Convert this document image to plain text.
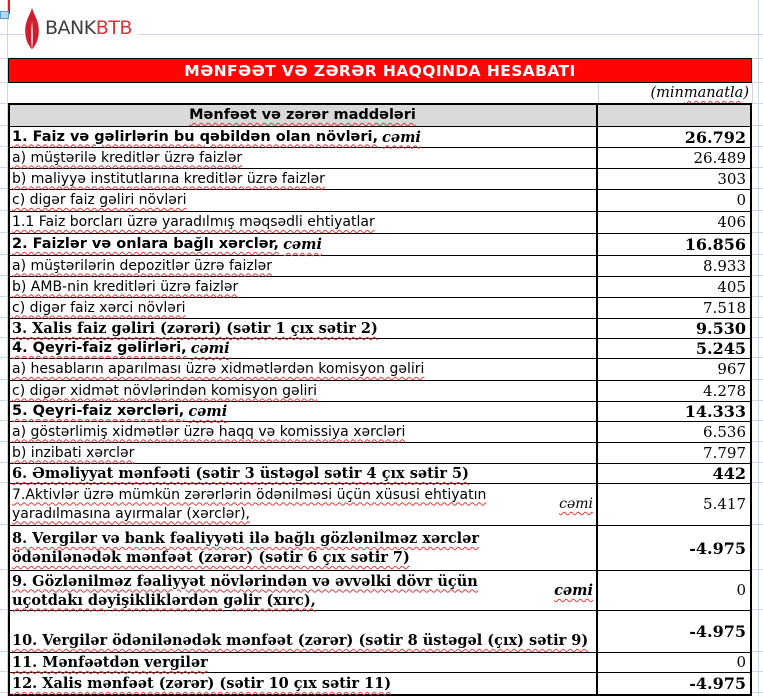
BANKBTB
MƏNFƏƏT VƏ ZƏRƏR HAQQINDA HESABATI
(min manatla )
Mənfəət və zərər maddələri
1. Faiz və gəlirlərin bu qəbildən olan növləri, cəmi	26.792
a) müştərilə kreditlər üzrə faizlər	26.489
b) maliyyə institutlarına kreditlər üzrə faizlər	303
c) digər faiz gəliri növləri	0
1.1 Faiz borcları üzrə yaradılmış məqsədli ehtiyatlar	406
2. Faizlər və onlara bağlı xərclər, cəmi	16.856
a) müştərilərin depozitlər üzrə faizlər	8.933
b) AMB-nin kreditləri üzrə faizlər	405
c) digər faiz xərci növləri	7.518
3. Xalis faiz gəliri (zərəri) (sətir 1 çıx sətir 2)	9.530
4. Qeyri-faiz gəlirləri, cəmi	5.245
a) hesabların aparılması üzrə xidmətlərdən komisyon gəliri	967
c) digər xidmət növlərindən komisyon gəliri	4.278
5. Qeyri-faiz xərcləri, cəmi	14.333
a) göstərlimiş xidmətlər üzrə haqq və komissiya xərcləri	6.536
b) inzibati xərclər	7.797
6. Əməliyyat mənfəəti (sətir 3 üstəgəl sətir 4 çıx sətir 5)	442
7.Aktivlər üzrə mümkün zərərlərin ödənilməsi üçün xüsusi ehtiyatın yaradılmasına ayırmalar (xərclər),
cəmi	5.417
8. Vergilər və bank fəaliyyəti ilə bağlı gözlənilməz xərclər ödənilənədək mənfəət (zərər) (sətir 6 çıx sətir 7)	-4.975
9. Gözlənilməz fəaliyyət növlərindən və əvvəlki dövr üçün uçotdakı dəyişikliklərdən gəlir (xırc),
cəmi	0
10. Vergilər ödənilənədək mənfəət (zərər) (sətir 8 üstəgəl (çıx) sətir 9)	-4.975
11. Mənfəətdən vergilər	0
12. Xalis mənfəət (zərər) (sətir 10 çıx sətir 11)	-4.975
